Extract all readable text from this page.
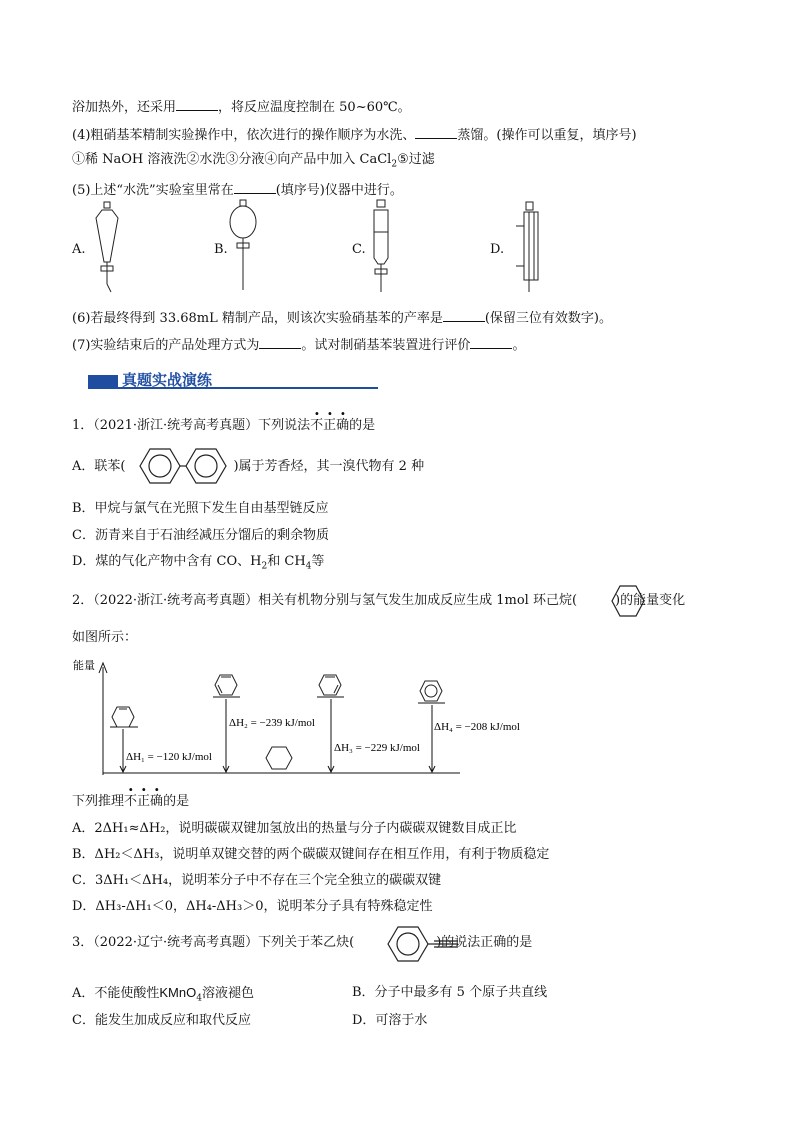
浴加热外，还采用	，将反应温度控制在 50~60℃。
(4)粗硝基苯精制实验操作中，依次进行的操作顺序为水洗、	蒸馏。(操作可以重复，填序号)
①稀 NaOH 溶液洗②水洗③分液④向产品中加入 CaCl$_2$⑤过滤
(5)上述“水洗”实验室里常在	(填序号)仪器中进行。
A.	B.	C.	D.
(6)若最终得到 33.68mL 精制产品，则该次实验硝基苯的产率是	(保留三位有效数字)。
(7)实验结束后的产品处理方式为	。试对制硝基苯装置进行评价	。
真题实战演练
1．（2021·浙江·统考高考真题）下列说法不正确的是
A．联苯(	)属于芳香烃，其一溴代物有 2 种
B．甲烷与氯气在光照下发生自由基型链反应
C．沥青来自于石油经减压分馏后的剩余物质
D．煤的气化产物中含有 CO、$H_2$和 $CH_4$等
2．（2022·浙江·统考高考真题）相关有机物分别与氢气发生加成反应生成 1mol 环己烷(	)的能量变化
如图所示：
能量
ΔH₁ = −120 kJ/mol
ΔH₂ = −239 kJ/mol
ΔH₃ = −229 kJ/mol
ΔH₄ = −208 kJ/mol
下列推理不正确的是
A．2ΔH₁≈ΔH₂，说明碳碳双键加氢放出的热量与分子内碳碳双键数目成正比
B．ΔH₂＜ΔH₃，说明单双键交替的两个碳碳双键间存在相互作用，有利于物质稳定
C．3ΔH₁＜ΔH₄，说明苯分子中不存在三个完全独立的碳碳双键
D．ΔH₃-ΔH₁＜0，ΔH₄-ΔH₃＞0，说明苯分子具有特殊稳定性
3．（2022·辽宁·统考高考真题）下列关于苯乙炔(	)的说法正确的是
A．不能使酸性KMnO$_4$溶液褪色	B．分子中最多有 5 个原子共直线
C．能发生加成反应和取代反应	D．可溶于水
